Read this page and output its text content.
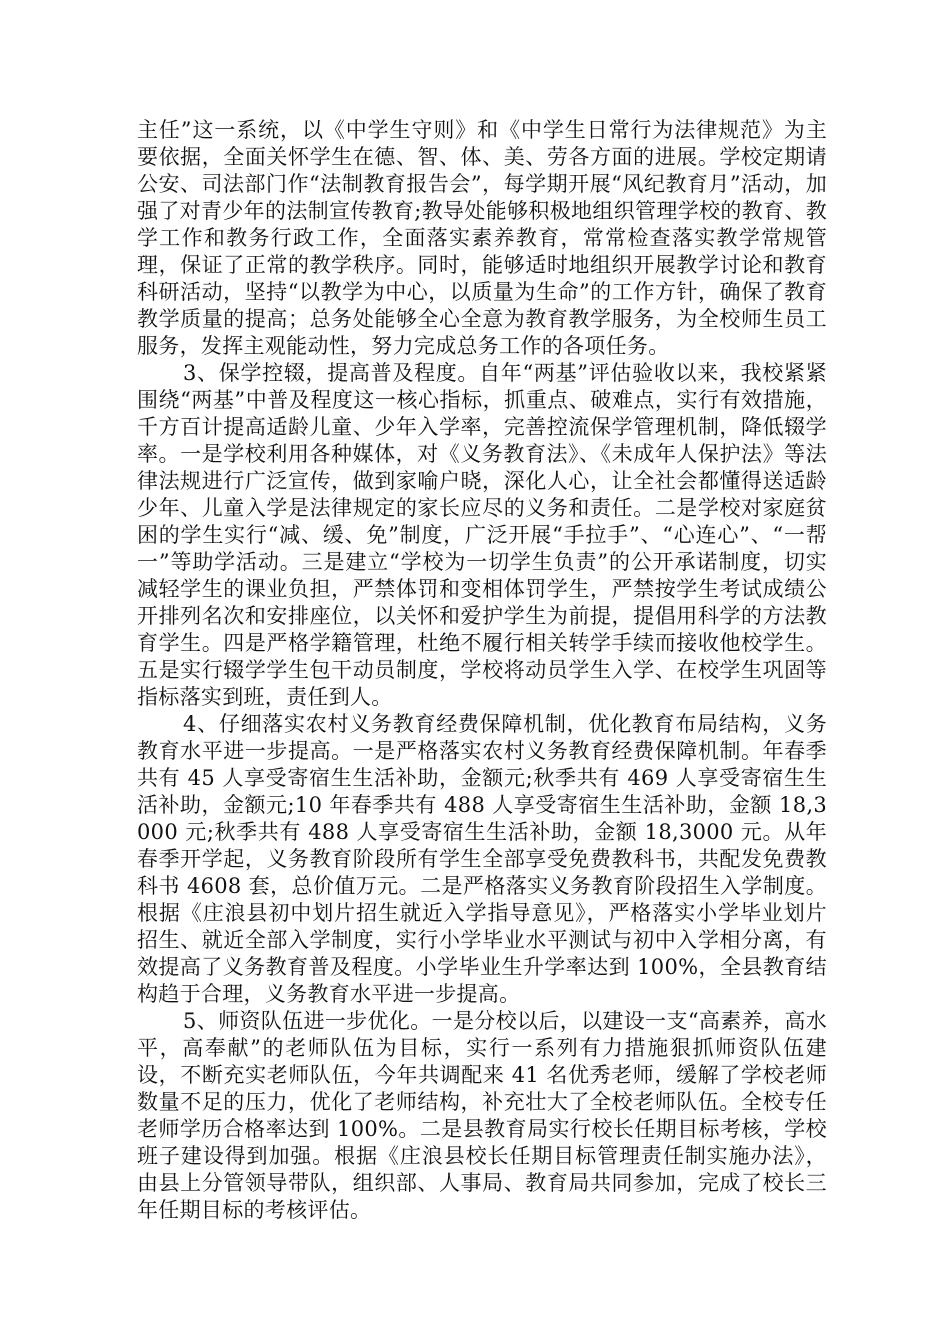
主任”这一系统，以《中学生守则》和《中学生日常行为法律规范》为主要依据，全面关怀学生在德、智、体、美、劳各方面的进展。学校定期请公安、司法部门作“法制教育报告会”，每学期开展“风纪教育月”活动，加强了对青少年的法制宣传教育;教导处能够积极地组织管理学校的教育、教学工作和教务行政工作，全面落实素养教育，常常检查落实教学常规管理，保证了正常的教学秩序。同时，能够适时地组织开展教学讨论和教育科研活动，坚持“以教学为中心，以质量为生命”的工作方针，确保了教育教学质量的提高；总务处能够全心全意为教育教学服务，为全校师生员工服务，发挥主观能动性，努力完成总务工作的各项任务。

3、保学控辍，提高普及程度。自年“两基”评估验收以来，我校紧紧围绕“两基”中普及程度这一核心指标，抓重点、破难点，实行有效措施，千方百计提高适龄儿童、少年入学率，完善控流保学管理机制，降低辍学率。一是学校利用各种媒体，对《义务教育法》、《未成年人保护法》等法律法规进行广泛宣传，做到家喻户晓，深化人心，让全社会都懂得送适龄少年、儿童入学是法律规定的家长应尽的义务和责任。二是学校对家庭贫困的学生实行“减、缓、免”制度，广泛开展“手拉手”、“心连心”、“一帮一”等助学活动。三是建立“学校为一切学生负责”的公开承诺制度，切实减轻学生的课业负担，严禁体罚和变相体罚学生，严禁按学生考试成绩公开排列名次和安排座位，以关怀和爱护学生为前提，提倡用科学的方法教育学生。四是严格学籍管理，杜绝不履行相关转学手续而接收他校学生。五是实行辍学学生包干动员制度，学校将动员学生入学、在校学生巩固等指标落实到班，责任到人。

4、仔细落实农村义务教育经费保障机制，优化教育布局结构，义务教育水平进一步提高。一是严格落实农村义务教育经费保障机制。年春季共有 45 人享受寄宿生生活补助，金额元;秋季共有 469 人享受寄宿生生活补助，金额元;10 年春季共有 488 人享受寄宿生生活补助，金额 18,3000 元;秋季共有 488 人享受寄宿生生活补助，金额 18,3000 元。从年春季开学起，义务教育阶段所有学生全部享受免费教科书，共配发免费教科书 4608 套，总价值万元。二是严格落实义务教育阶段招生入学制度。根据《庄浪县初中划片招生就近入学指导意见》，严格落实小学毕业划片招生、就近全部入学制度，实行小学毕业水平测试与初中入学相分离，有效提高了义务教育普及程度。小学毕业生升学率达到 100%，全县教育结构趋于合理，义务教育水平进一步提高。

5、师资队伍进一步优化。一是分校以后，以建设一支“高素养，高水平，高奉献”的老师队伍为目标，实行一系列有力措施狠抓师资队伍建设，不断充实老师队伍，今年共调配来 41 名优秀老师，缓解了学校老师数量不足的压力，优化了老师结构，补充壮大了全校老师队伍。全校专任老师学历合格率达到 100%。二是县教育局实行校长任期目标考核，学校班子建设得到加强。根据《庄浪县校长任期目标管理责任制实施办法》，由县上分管领导带队，组织部、人事局、教育局共同参加，完成了校长三年任期目标的考核评估。
